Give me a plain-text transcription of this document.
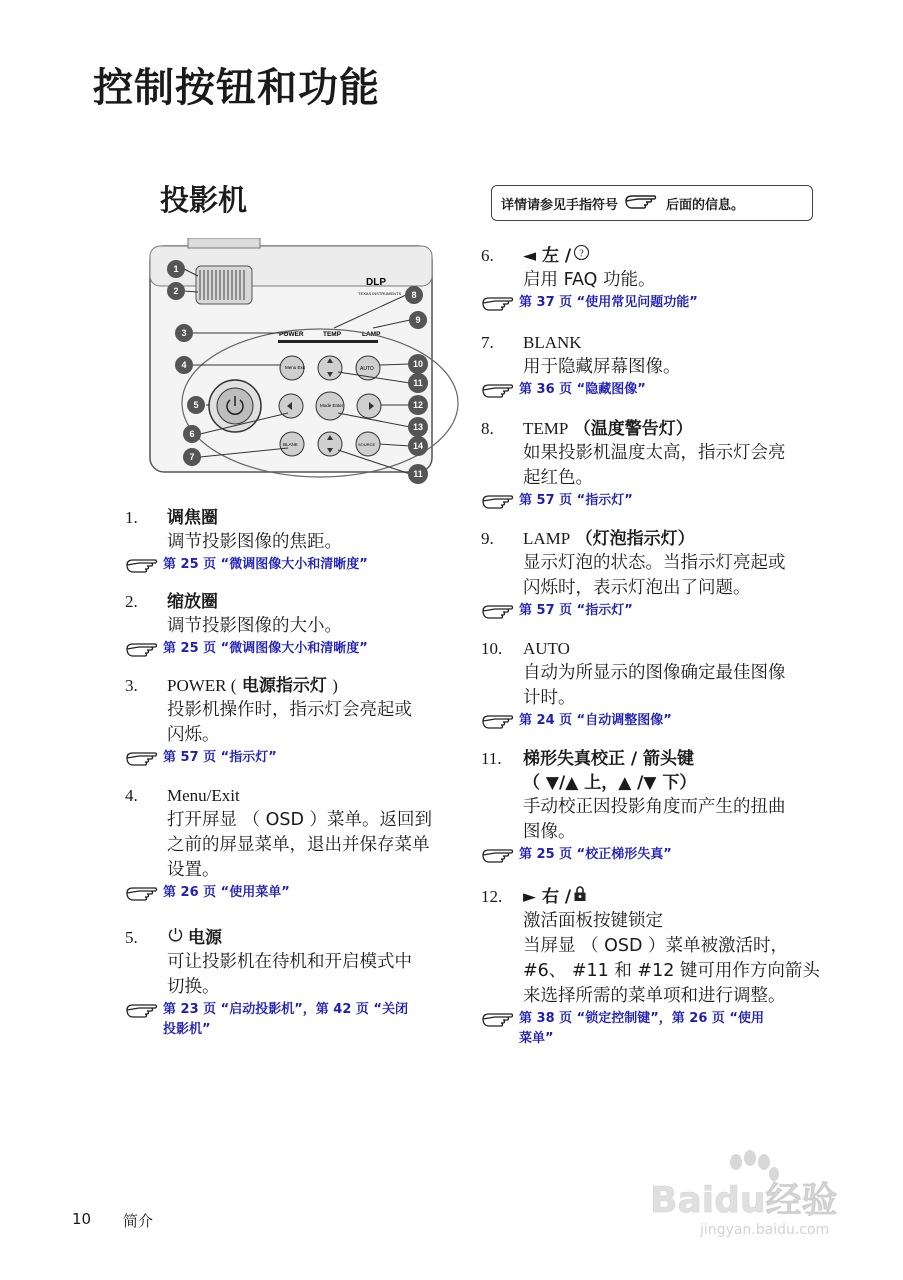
控制按钮和功能
投影机	详情请参见手指符号	后面的信息。
DLP
TEXAS INSTRUMENTS
POWER	TEMP	LAMP
Menu Exit
Mode Enter
AUTO
BLANK	SOURCE
1
2
3
4
5
6
7
8
9
10
11
12
13
14
11
1.	调焦圈
调节投影图像的焦距。
第 25 页 “微调图像大小和清晰度”
2.	缩放圈
调节投影图像的大小。
第 25 页 “微调图像大小和清晰度”
3.	POWER (
电源指示灯
)
投影机操作时，指示灯会亮起或
闪烁。
第 57 页 “指示灯”
4.	Menu/Exit
打开屏显 （ OSD ）菜单。返回到
之前的屏显菜单，退出并保存菜单
设置。
第 26 页 “使用菜单”
5.	电源
可让投影机在待机和开启模式中
切换。
第 23 页 “启动投影机”，第 42 页 “关闭
投影机”
6.	◄ 左 / ?
启用 FAQ 功能。
第 37 页 “使用常见问题功能”
7.	BLANK
用于隐藏屏幕图像。
第 36 页 “隐藏图像”
8.	TEMP
（温度警告灯）
如果投影机温度太高，指示灯会亮
起红色。
第 57 页 “指示灯”
9.	LAMP
（灯泡指示灯）
显示灯泡的状态。当指示灯亮起或
闪烁时，表示灯泡出了问题。
第 57 页 “指示灯”
10.	AUTO
自动为所显示的图像确定最佳图像
计时。
第 24 页 “自动调整图像”
11.	梯形失真校正 / 箭头键
（ ▼/▲ 上，▲ /▼ 下）
手动校正因投影角度而产生的扭曲
图像。
第 25 页 “校正梯形失真”
12.	► 右 /
激活面板按键锁定
当屏显 （ OSD ）菜单被激活时，
#6、 #11 和 #12 键可用作方向箭头
来选择所需的菜单项和进行调整。
第 38 页 “锁定控制键”，第 26 页 “使用
菜单”
10 简介	Baidu经验
jingyan.baidu.com
